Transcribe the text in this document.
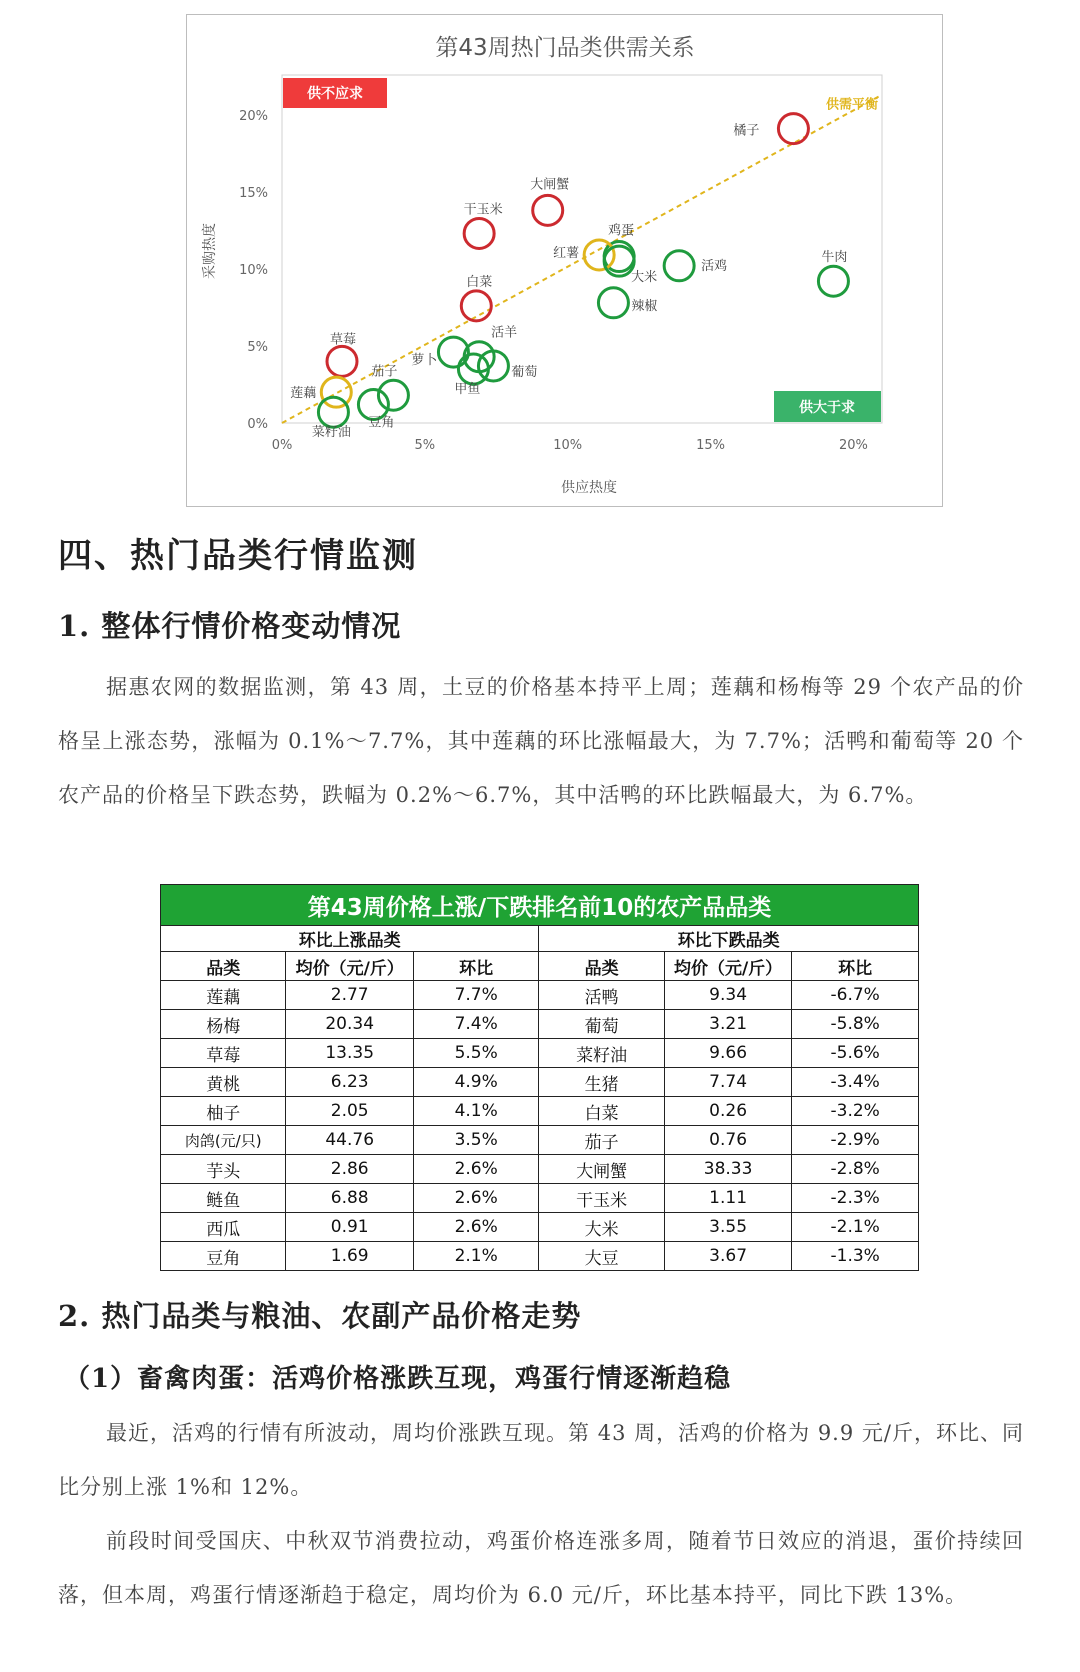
第43周热门品类供需关系
0%
5%
10%
15%
20%
0%	5%	10%	15%	20%
供需平衡
供不应求
供大于求
橘子
大闸蟹
干玉米
白菜
草莓
鸡蛋
红薯
大米
活鸡
牛肉
辣椒
萝卜
活羊
葡萄
甲鱼
茄子
豆角
莲藕
菜籽油
供应热度
采购热度
四、热门品类行情监测
1. 整体行情价格变动情况

据惠农网的数据监测，第 43 周，土豆的价格基本持平上周；莲藕和杨梅等 29 个农产品的价格呈上涨态势，涨幅为 0.1%～7.7%，其中莲藕的环比涨幅最大，为 7.7%；活鸭和葡萄等 20 个农产品的价格呈下跌态势，跌幅为 0.2%～6.7%，其中活鸭的环比跌幅最大，为 6.7%。

第43周价格上涨/下跌排名前10的农产品品类					
环比上涨品类			环比下跌品类		
品类	均价（元/斤）	环比	品类	均价（元/斤）	环比
莲藕	2.77	7.7%	活鸭	9.34	-6.7%
杨梅	20.34	7.4%	葡萄	3.21	-5.8%
草莓	13.35	5.5%	菜籽油	9.66	-5.6%
黄桃	6.23	4.9%	生猪	7.74	-3.4%
柚子	2.05	4.1%	白菜	0.26	-3.2%
肉鸽(元/只)	44.76	3.5%	茄子	0.76	-2.9%
芋头	2.86	2.6%	大闸蟹	38.33	-2.8%
鲢鱼	6.88	2.6%	干玉米	1.11	-2.3%
西瓜	0.91	2.6%	大米	3.55	-2.1%
豆角	1.69	2.1%	大豆	3.67	-1.3%
2. 热门品类与粮油、农副产品价格走势
（1）畜禽肉蛋：活鸡价格涨跌互现，鸡蛋行情逐渐趋稳

最近，活鸡的行情有所波动，周均价涨跌互现。第 43 周，活鸡的价格为 9.9 元/斤，环比、同比分别上涨 1%和 12%。

前段时间受国庆、中秋双节消费拉动，鸡蛋价格连涨多周，随着节日效应的消退，蛋价持续回落，但本周，鸡蛋行情逐渐趋于稳定，周均价为 6.0 元/斤，环比基本持平，同比下跌 13%。
